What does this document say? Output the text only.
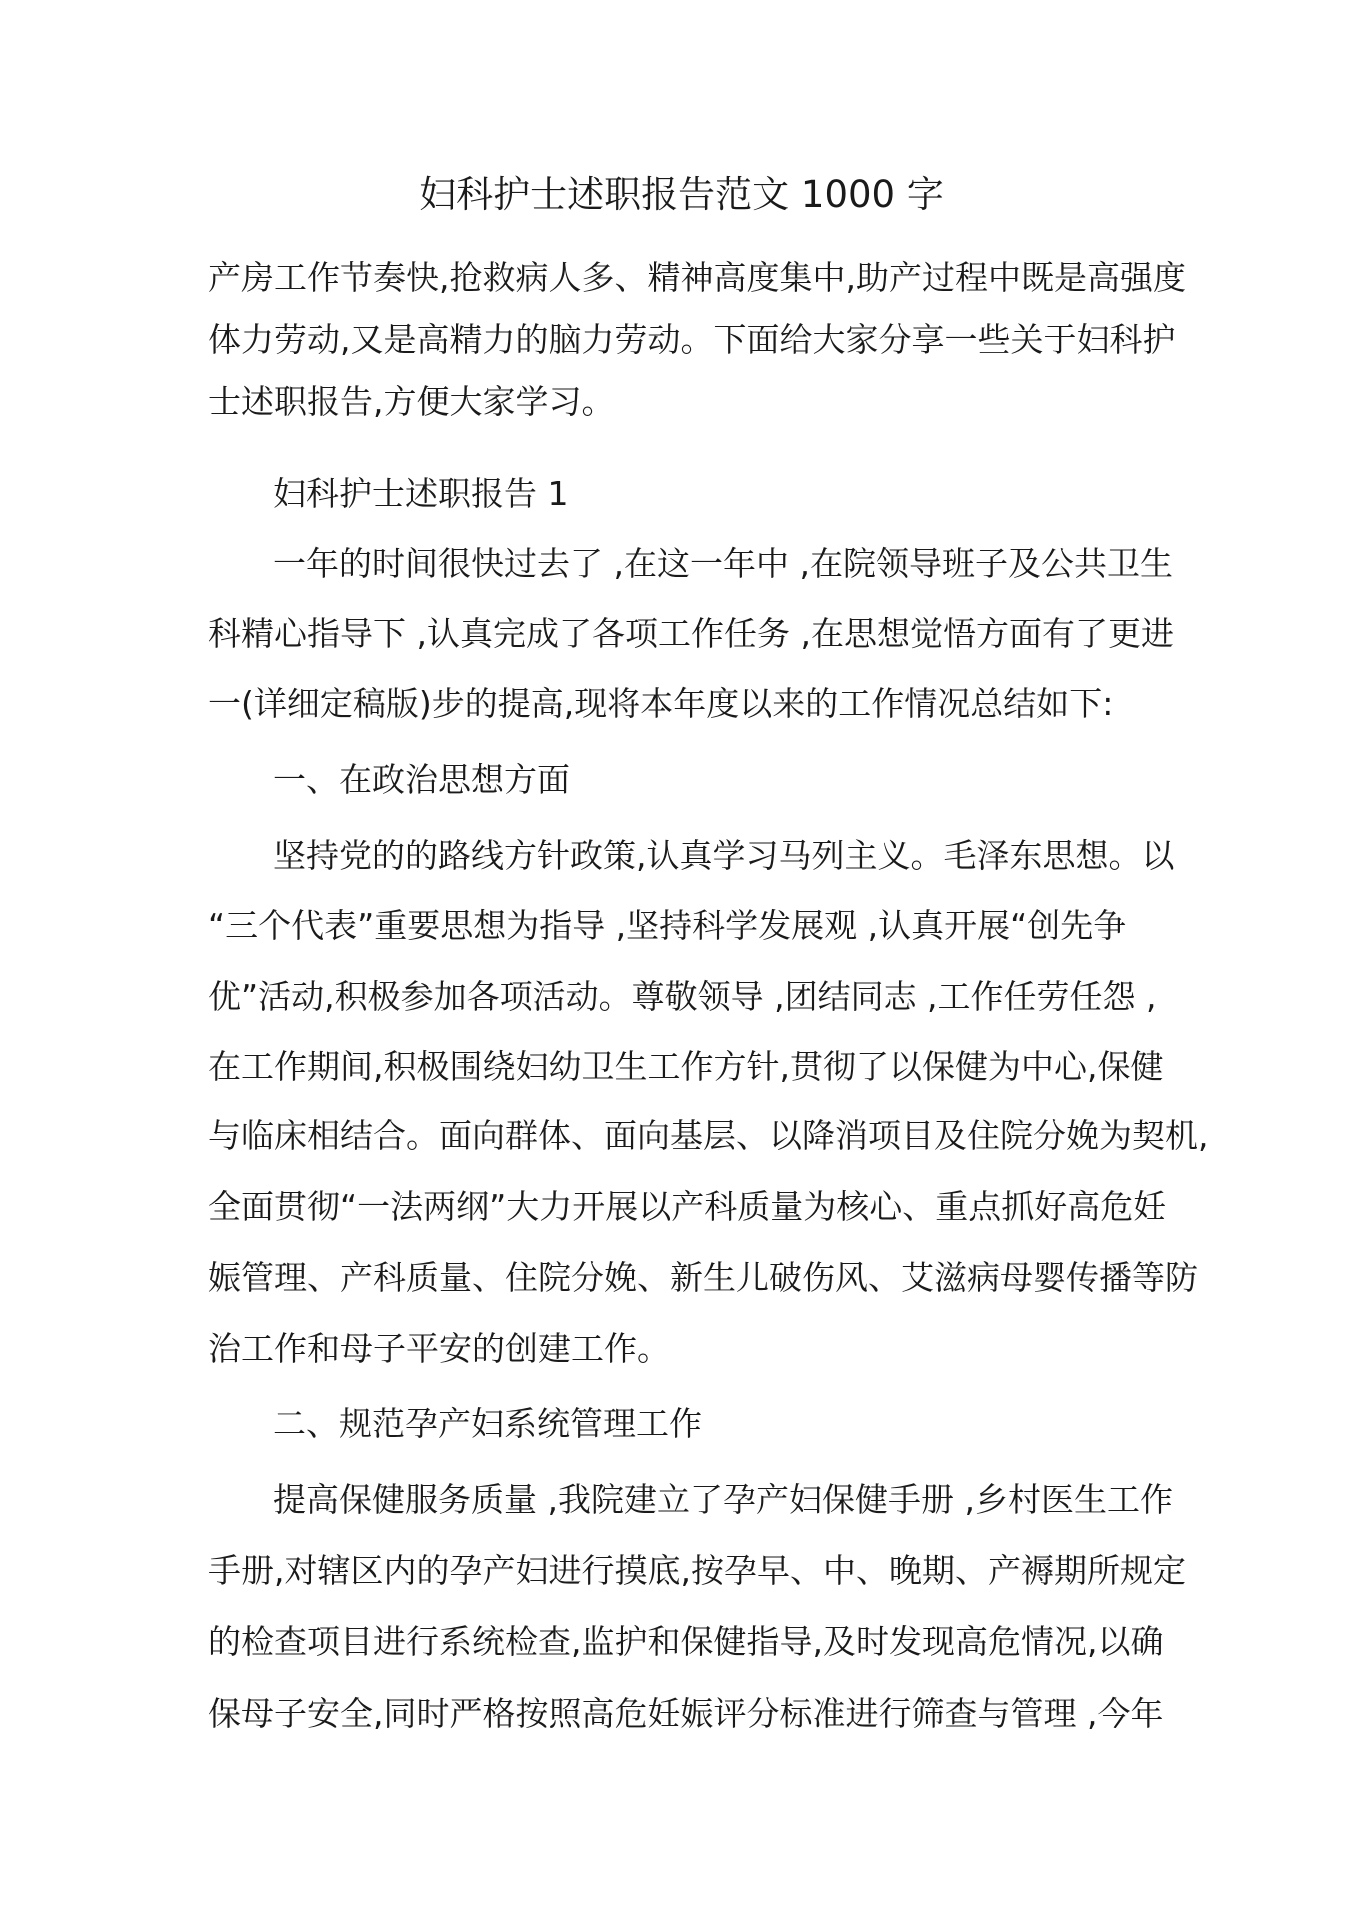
妇科护士述职报告范文 1000 字
产房工作节奏快,抢救病人多、精神高度集中,助产过程中既是高强度
体力劳动,又是高精力的脑力劳动。下面给大家分享一些关于妇科护
士述职报告,方便大家学习。
妇科护士述职报告 1
一年的时间很快过去了 ,在这一年中 ,在院领导班子及公共卫生
科精心指导下 ,认真完成了各项工作任务 ,在思想觉悟方面有了更进
一(详细定稿版)步的提高,现将本年度以来的工作情况总结如下:
一、在政治思想方面
坚持党的的路线方针政策,认真学习马列主义。毛泽东思想。以
“三个代表”重要思想为指导 ,坚持科学发展观 ,认真开展“创先争
优”活动,积极参加各项活动。尊敬领导 ,团结同志 ,工作任劳任怨 ,
在工作期间,积极围绕妇幼卫生工作方针,贯彻了以保健为中心,保健
与临床相结合。面向群体、面向基层、以降消项目及住院分娩为契机,
全面贯彻“一法两纲”大力开展以产科质量为核心、重点抓好高危妊
娠管理、产科质量、住院分娩、新生儿破伤风、艾滋病母婴传播等防
治工作和母子平安的创建工作。
二、规范孕产妇系统管理工作
提高保健服务质量 ,我院建立了孕产妇保健手册 ,乡村医生工作
手册,对辖区内的孕产妇进行摸底,按孕早、中、晚期、产褥期所规定
的检查项目进行系统检查,监护和保健指导,及时发现高危情况,以确
保母子安全,同时严格按照高危妊娠评分标准进行筛查与管理 ,今年
